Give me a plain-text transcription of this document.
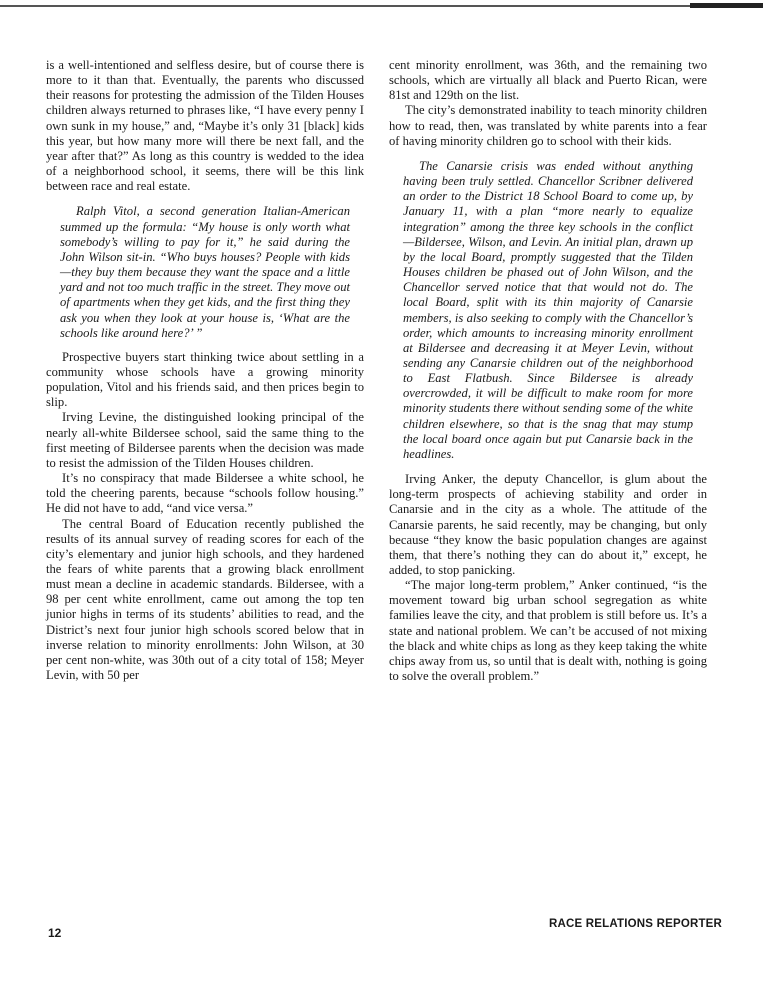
is a well-intentioned and selfless desire, but of course there is more to it than that. Eventually, the parents who discussed their reasons for protesting the admission of the Tilden Houses children always returned to phrases like, “I have every penny I own sunk in my house,” and, “Maybe it’s only 31 [black] kids this year, but how many more will there be next fall, and the year after that?” As long as this country is wedded to the idea of a neighborhood school, it seems, there will be this link between race and real estate.

Ralph Vitol, a second generation Italian-American summed up the formula: “My house is only worth what somebody’s willing to pay for it,” he said during the John Wilson sit-in. “Who buys houses? People with kids—they buy them because they want the space and a little yard and not too much traffic in the street. They move out of apartments when they get kids, and the first thing they ask you when they look at your house is, ‘What are the schools like around here?’ ”

Prospective buyers start thinking twice about settling in a community whose schools have a growing minority population, Vitol and his friends said, and then prices begin to slip.

Irving Levine, the distinguished looking principal of the nearly all-white Bildersee school, said the same thing to the first meeting of Bildersee parents when the decision was made to resist the admission of the Tilden Houses children.

It’s no conspiracy that made Bildersee a white school, he told the cheering parents, because “schools follow housing.” He did not have to add, “and vice versa.”

The central Board of Education recently published the results of its annual survey of reading scores for each of the city’s elementary and junior high schools, and they hardened the fears of white parents that a growing black enrollment must mean a decline in academic standards. Bildersee, with a 98 per cent white enrollment, came out among the top ten junior highs in terms of its students’ abilities to read, and the District’s next four junior high schools scored below that in inverse relation to minority enrollments: John Wilson, at 30 per cent non-white, was 30th out of a city total of 158; Meyer Levin, with 50 per

cent minority enrollment, was 36th, and the remaining two schools, which are virtually all black and Puerto Rican, were 81st and 129th on the list.

The city’s demonstrated inability to teach minority children how to read, then, was translated by white parents into a fear of having minority children go to school with their kids.

The Canarsie crisis was ended without anything having been truly settled. Chancellor Scribner delivered an order to the District 18 School Board to come up, by January 11, with a plan “more nearly to equalize integration” among the three key schools in the conflict—Bildersee, Wilson, and Levin. An initial plan, drawn up by the local Board, promptly suggested that the Tilden Houses children be phased out of John Wilson, and the Chancellor served notice that that would not do. The local Board, split with its thin majority of Canarsie members, is also seeking to comply with the Chancellor’s order, which amounts to increasing minority enrollment at Bildersee and decreasing it at Meyer Levin, without sending any Canarsie children out of the neighborhood to East Flatbush. Since Bildersee is already overcrowded, it will be difficult to make room for more minority students there without sending some of the white children elsewhere, so that is the snag that may stump the local board once again but put Canarsie back in the headlines.

Irving Anker, the deputy Chancellor, is glum about the long-term prospects of achieving stability and order in Canarsie and in the city as a whole. The attitude of the Canarsie parents, he said recently, may be changing, but only because “they know the basic population changes are against them, that there’s nothing they can do about it,” except, he added, to stop panicking.

“The major long-term problem,” Anker continued, “is the movement toward big urban school segregation as white families leave the city, and that problem is still before us. It’s a state and national problem. We can’t be accused of not mixing the black and white chips as long as they keep taking the white chips away from us, so until that is dealt with, nothing is going to solve the overall problem.”

12
RACE RELATIONS REPORTER
